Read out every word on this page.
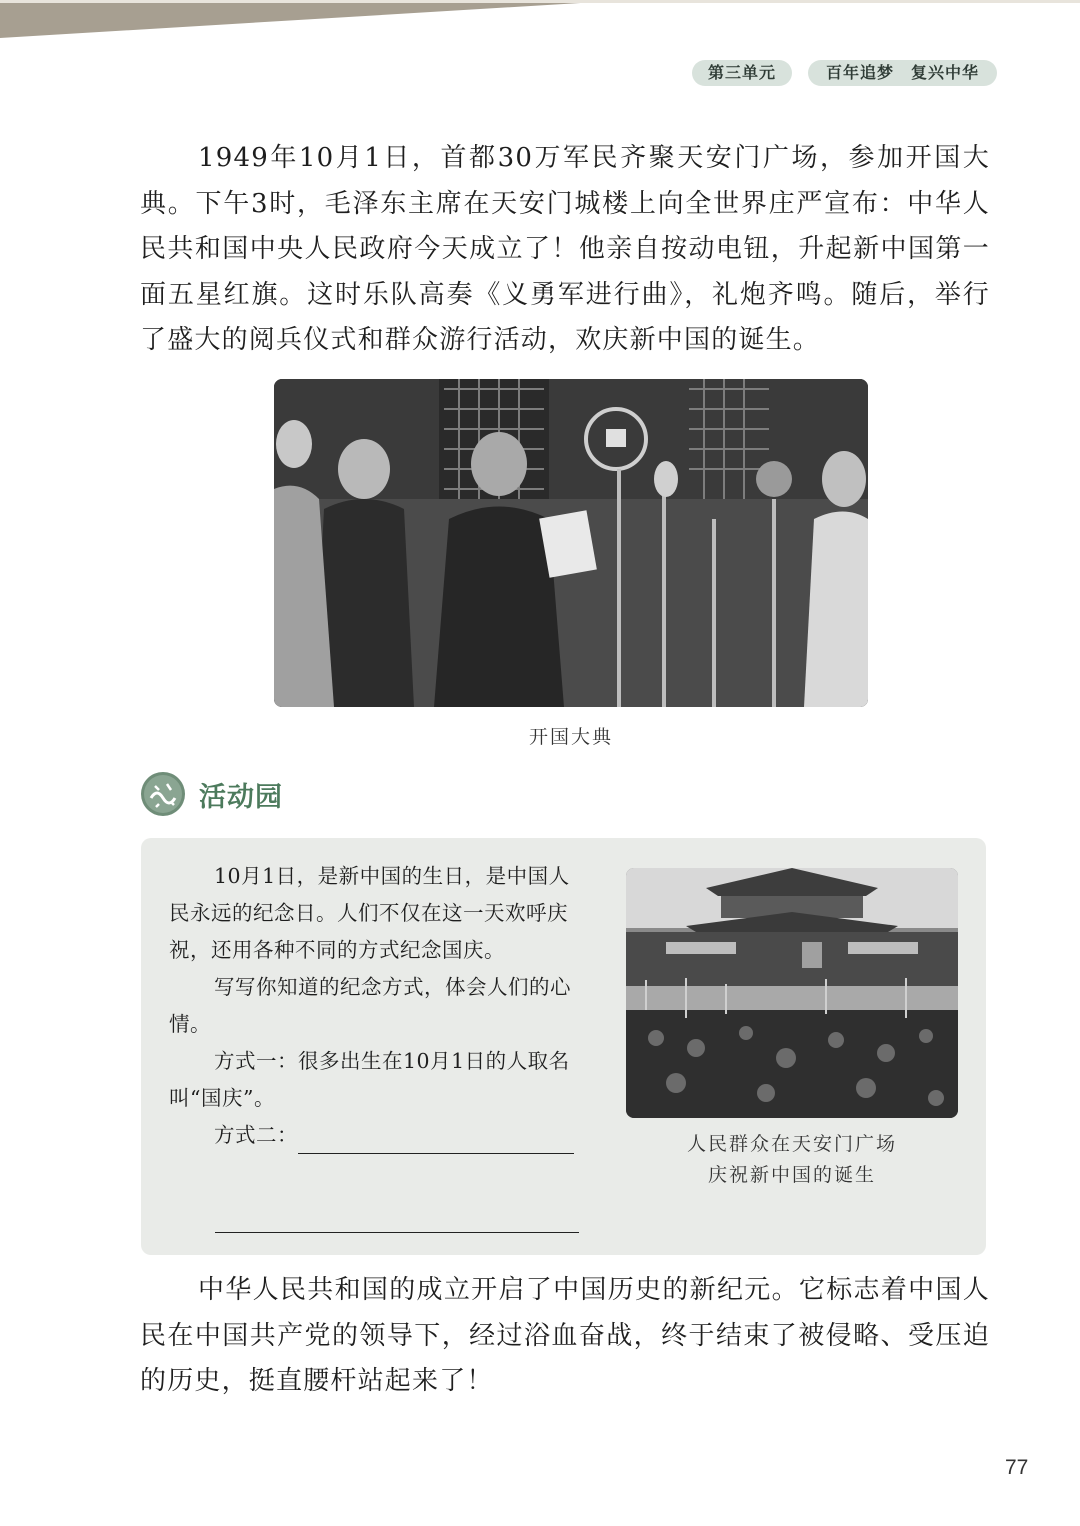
第三单元	百年追梦　复兴中华
1949年10月1日，首都30万军民齐聚天安门广场，参加开国大典。下午3时，毛泽东主席在天安门城楼上向全世界庄严宣布：中华人民共和国中央人民政府今天成立了！他亲自按动电钮，升起新中国第一面五星红旗。这时乐队高奏《义勇军进行曲》，礼炮齐鸣。随后，举行了盛大的阅兵仪式和群众游行活动，欢庆新中国的诞生。
开国大典
活动园

10月1日，是新中国的生日，是中国人民永远的纪念日。人们不仅在这一天欢呼庆祝，还用各种不同的方式纪念国庆。

写写你知道的纪念方式，体会人们的心情。

方式一：很多出生在10月1日的人取名叫“国庆”。

方式二：	人民群众在天安门广场
庆祝新中国的诞生
中华人民共和国的成立开启了中国历史的新纪元。它标志着中国人民在中国共产党的领导下，经过浴血奋战，终于结束了被侵略、受压迫的历史，挺直腰杆站起来了！
77
